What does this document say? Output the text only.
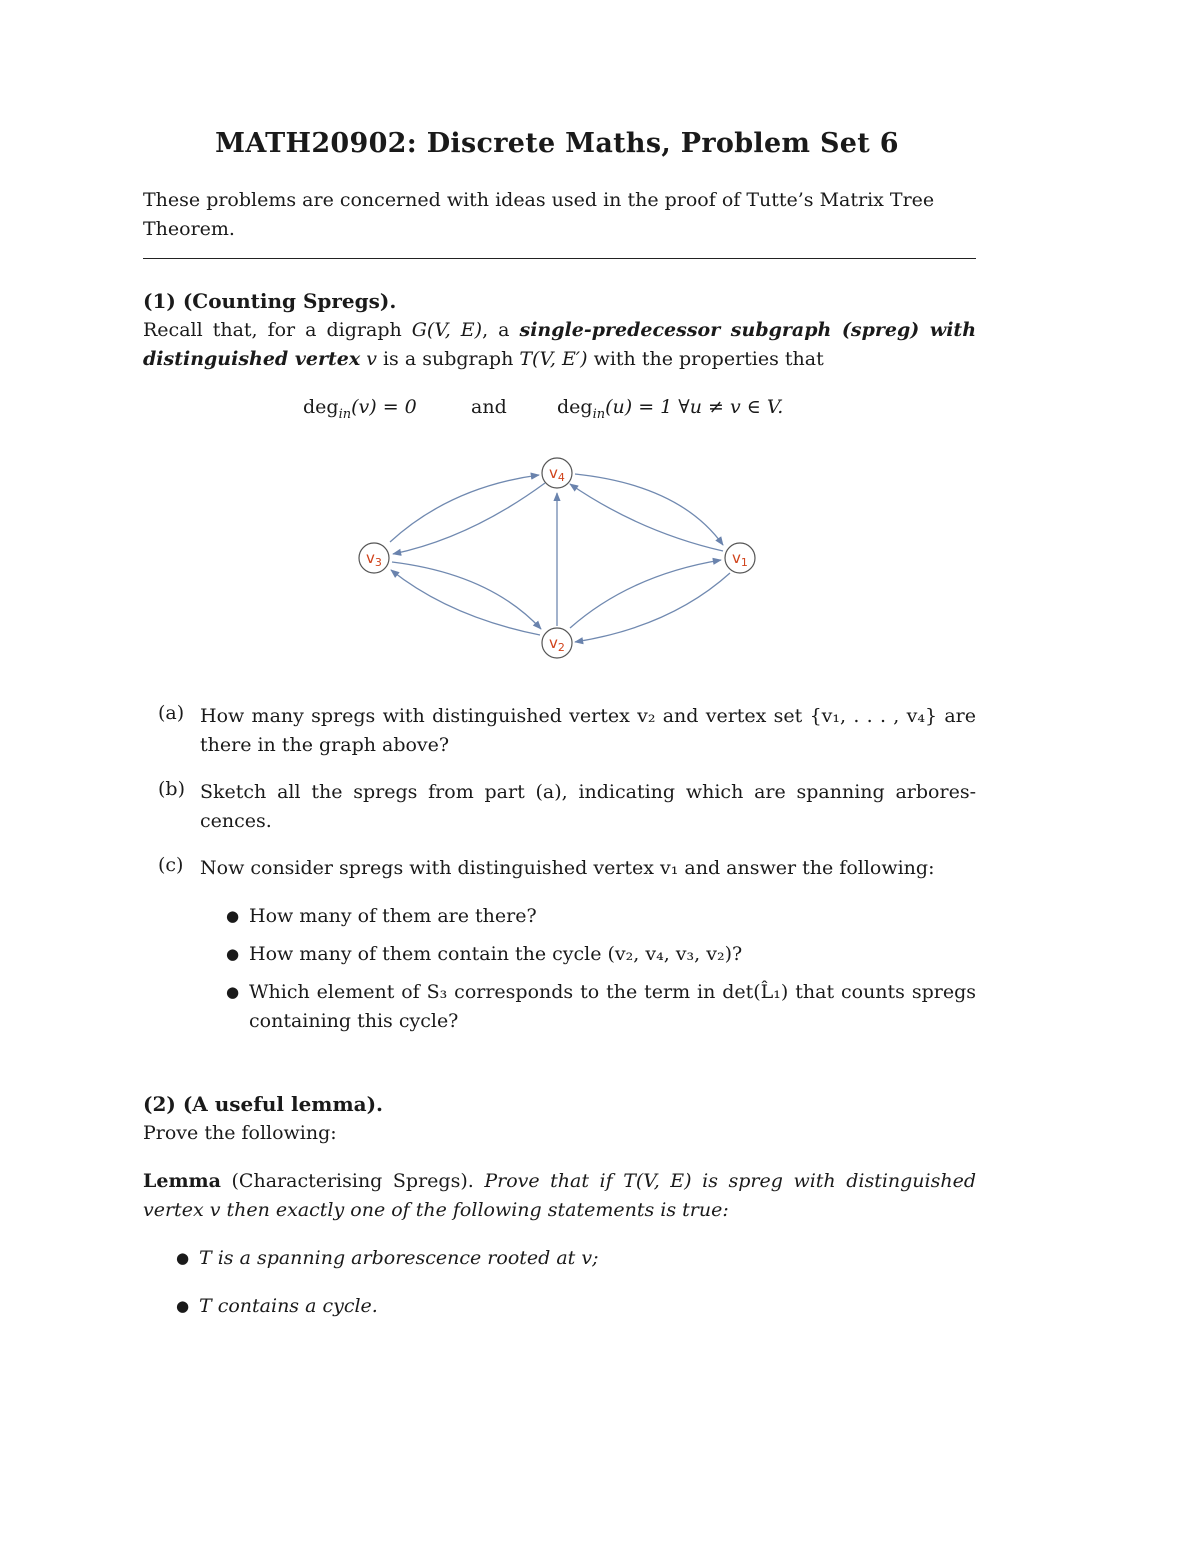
MATH20902: Discrete Maths, Problem Set 6
These problems are concerned with ideas used in the proof of Tutte’s Matrix Tree Theorem.
(1) (Counting Spregs).
Recall that, for a digraph G(V, E), a single-predecessor subgraph (spreg) with distinguished vertex v is a subgraph T(V, E′) with the properties that
deg$_{in}$(v) = 0	and	deg$_{in}$(u) = 1 ∀u ≠ v ∈ V.
$v_4$
$v_3$	$v_1$
$v_2$
(a) How many spregs with distinguished vertex v₂ and vertex set {v₁, . . . , v₄} are there in the graph above?
(b) Sketch all the spregs from part (a), indicating which are spanning arborescences.
(c) Now consider spregs with distinguished vertex v₁ and answer the following:
● How many of them are there?
● How many of them contain the cycle (v₂, v₄, v₃, v₂)?
● Which element of S₃ corresponds to the term in det(L̂₁) that counts spregs containing this cycle?
(2) (A useful lemma).
Prove the following:
Lemma (Characterising Spregs). Prove that if T(V, E) is spreg with distinguished vertex v then exactly one of the following statements is true:
● T is a spanning arborescence rooted at v;
● T contains a cycle.
